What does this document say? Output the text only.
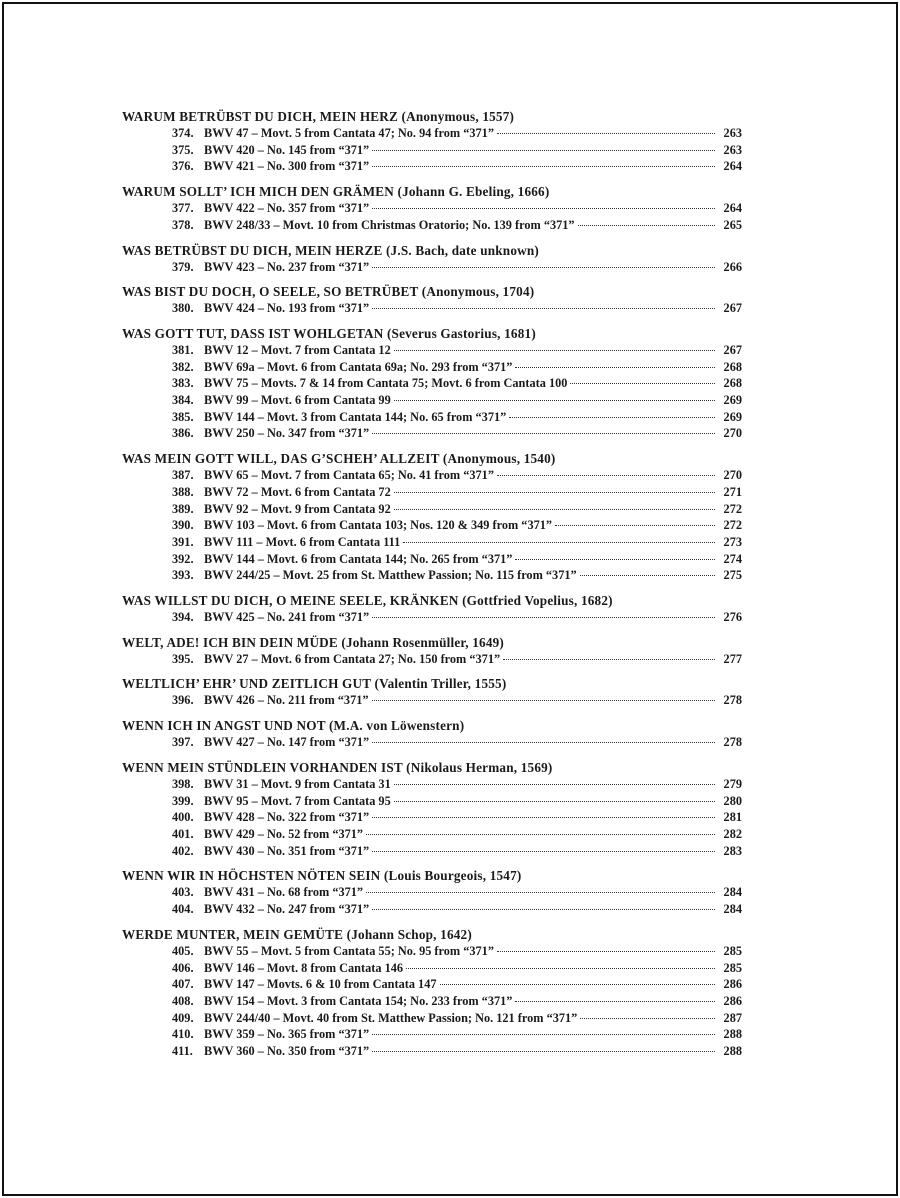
WARUM BETRÜBST DU DICH, MEIN HERZ (Anonymous, 1557)
374. BWV 47 – Movt. 5 from Cantata 47; No. 94 from “371”	263
375. BWV 420 – No. 145 from “371”	263
376. BWV 421 – No. 300 from “371”	264
WARUM SOLLT’ ICH MICH DEN GRÄMEN (Johann G. Ebeling, 1666)
377. BWV 422 – No. 357 from “371”	264
378. BWV 248/33 – Movt. 10 from Christmas Oratorio; No. 139 from “371”	265
WAS BETRÜBST DU DICH, MEIN HERZE (J.S. Bach, date unknown)
379. BWV 423 – No. 237 from “371”	266
WAS BIST DU DOCH, O SEELE, SO BETRÜBET (Anonymous, 1704)
380. BWV 424 – No. 193 from “371”	267
WAS GOTT TUT, DASS IST WOHLGETAN (Severus Gastorius, 1681)
381. BWV 12 – Movt. 7 from Cantata 12	267
382. BWV 69a – Movt. 6 from Cantata 69a; No. 293 from “371”	268
383. BWV 75 – Movts. 7 & 14 from Cantata 75; Movt. 6 from Cantata 100	268
384. BWV 99 – Movt. 6 from Cantata 99	269
385. BWV 144 – Movt. 3 from Cantata 144; No. 65 from “371”	269
386. BWV 250 – No. 347 from “371”	270
WAS MEIN GOTT WILL, DAS G’SCHEH’ ALLZEIT (Anonymous, 1540)
387. BWV 65 – Movt. 7 from Cantata 65; No. 41 from “371”	270
388. BWV 72 – Movt. 6 from Cantata 72	271
389. BWV 92 – Movt. 9 from Cantata 92	272
390. BWV 103 – Movt. 6 from Cantata 103; Nos. 120 & 349 from “371”	272
391. BWV 111 – Movt. 6 from Cantata 111	273
392. BWV 144 – Movt. 6 from Cantata 144; No. 265 from “371”	274
393. BWV 244/25 – Movt. 25 from St. Matthew Passion; No. 115 from “371”	275
WAS WILLST DU DICH, O MEINE SEELE, KRÄNKEN (Gottfried Vopelius, 1682)
394. BWV 425 – No. 241 from “371”	276
WELT, ADE! ICH BIN DEIN MÜDE (Johann Rosenmüller, 1649)
395. BWV 27 – Movt. 6 from Cantata 27; No. 150 from “371”	277
WELTLICH’ EHR’ UND ZEITLICH GUT (Valentin Triller, 1555)
396. BWV 426 – No. 211 from “371”	278
WENN ICH IN ANGST UND NOT (M.A. von Löwenstern)
397. BWV 427 – No. 147 from “371”	278
WENN MEIN STÜNDLEIN VORHANDEN IST (Nikolaus Herman, 1569)
398. BWV 31 – Movt. 9 from Cantata 31	279
399. BWV 95 – Movt. 7 from Cantata 95	280
400. BWV 428 – No. 322 from “371”	281
401. BWV 429 – No. 52 from “371”	282
402. BWV 430 – No. 351 from “371”	283
WENN WIR IN HÖCHSTEN NÖTEN SEIN (Louis Bourgeois, 1547)
403. BWV 431 – No. 68 from “371”	284
404. BWV 432 – No. 247 from “371”	284
WERDE MUNTER, MEIN GEMÜTE (Johann Schop, 1642)
405. BWV 55 – Movt. 5 from Cantata 55; No. 95 from “371”	285
406. BWV 146 – Movt. 8 from Cantata 146	285
407. BWV 147 – Movts. 6 & 10 from Cantata 147	286
408. BWV 154 – Movt. 3 from Cantata 154; No. 233 from “371”	286
409. BWV 244/40 – Movt. 40 from St. Matthew Passion; No. 121 from “371”	287
410. BWV 359 – No. 365 from “371”	288
411. BWV 360 – No. 350 from “371”	288
